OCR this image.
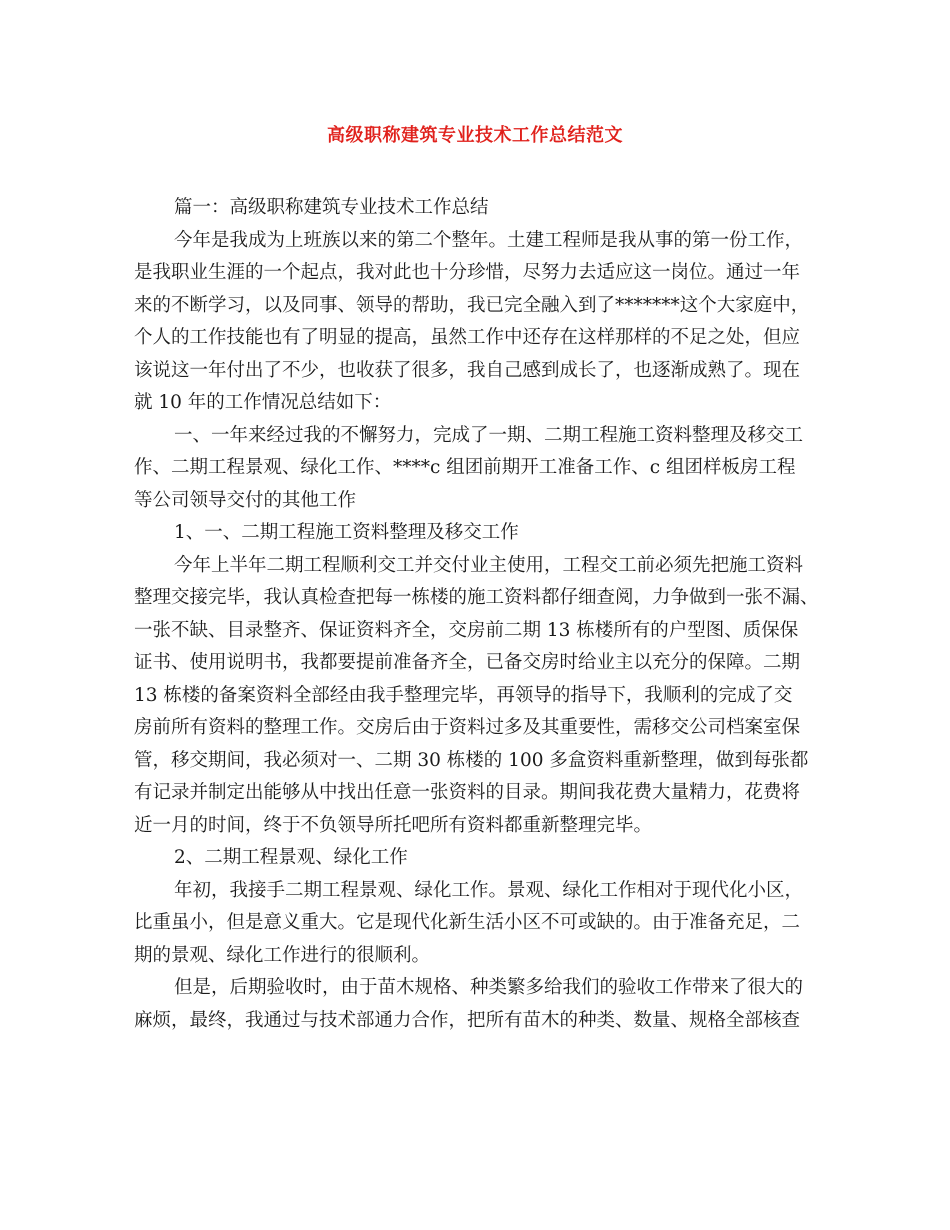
高级职称建筑专业技术工作总结范文
篇一：高级职称建筑专业技术工作总结
今年是我成为上班族以来的第二个整年。土建工程师是我从事的第一份工作，
是我职业生涯的一个起点，我对此也十分珍惜，尽努力去适应这一岗位。通过一年
来的不断学习，以及同事、领导的帮助，我已完全融入到了*******这个大家庭中，
个人的工作技能也有了明显的提高，虽然工作中还存在这样那样的不足之处，但应
该说这一年付出了不少，也收获了很多，我自己感到成长了，也逐渐成熟了。现在
就 10 年的工作情况总结如下：
一、一年来经过我的不懈努力，完成了一期、二期工程施工资料整理及移交工
作、二期工程景观、绿化工作、****c 组团前期开工准备工作、c 组团样板房工程
等公司领导交付的其他工作
1、一、二期工程施工资料整理及移交工作
今年上半年二期工程顺利交工并交付业主使用，工程交工前必须先把施工资料
整理交接完毕，我认真检查把每一栋楼的施工资料都仔细查阅，力争做到一张不漏、
一张不缺、目录整齐、保证资料齐全，交房前二期 13 栋楼所有的户型图、质保保
证书、使用说明书，我都要提前准备齐全，已备交房时给业主以充分的保障。二期
13 栋楼的备案资料全部经由我手整理完毕，再领导的指导下，我顺利的完成了交
房前所有资料的整理工作。交房后由于资料过多及其重要性，需移交公司档案室保
管，移交期间，我必须对一、二期 30 栋楼的 100 多盒资料重新整理，做到每张都
有记录并制定出能够从中找出任意一张资料的目录。期间我花费大量精力，花费将
近一月的时间，终于不负领导所托吧所有资料都重新整理完毕。
2、二期工程景观、绿化工作
年初，我接手二期工程景观、绿化工作。景观、绿化工作相对于现代化小区，
比重虽小，但是意义重大。它是现代化新生活小区不可或缺的。由于准备充足，二
期的景观、绿化工作进行的很顺利。
但是，后期验收时，由于苗木规格、种类繁多给我们的验收工作带来了很大的
麻烦，最终，我通过与技术部通力合作，把所有苗木的种类、数量、规格全部核查
